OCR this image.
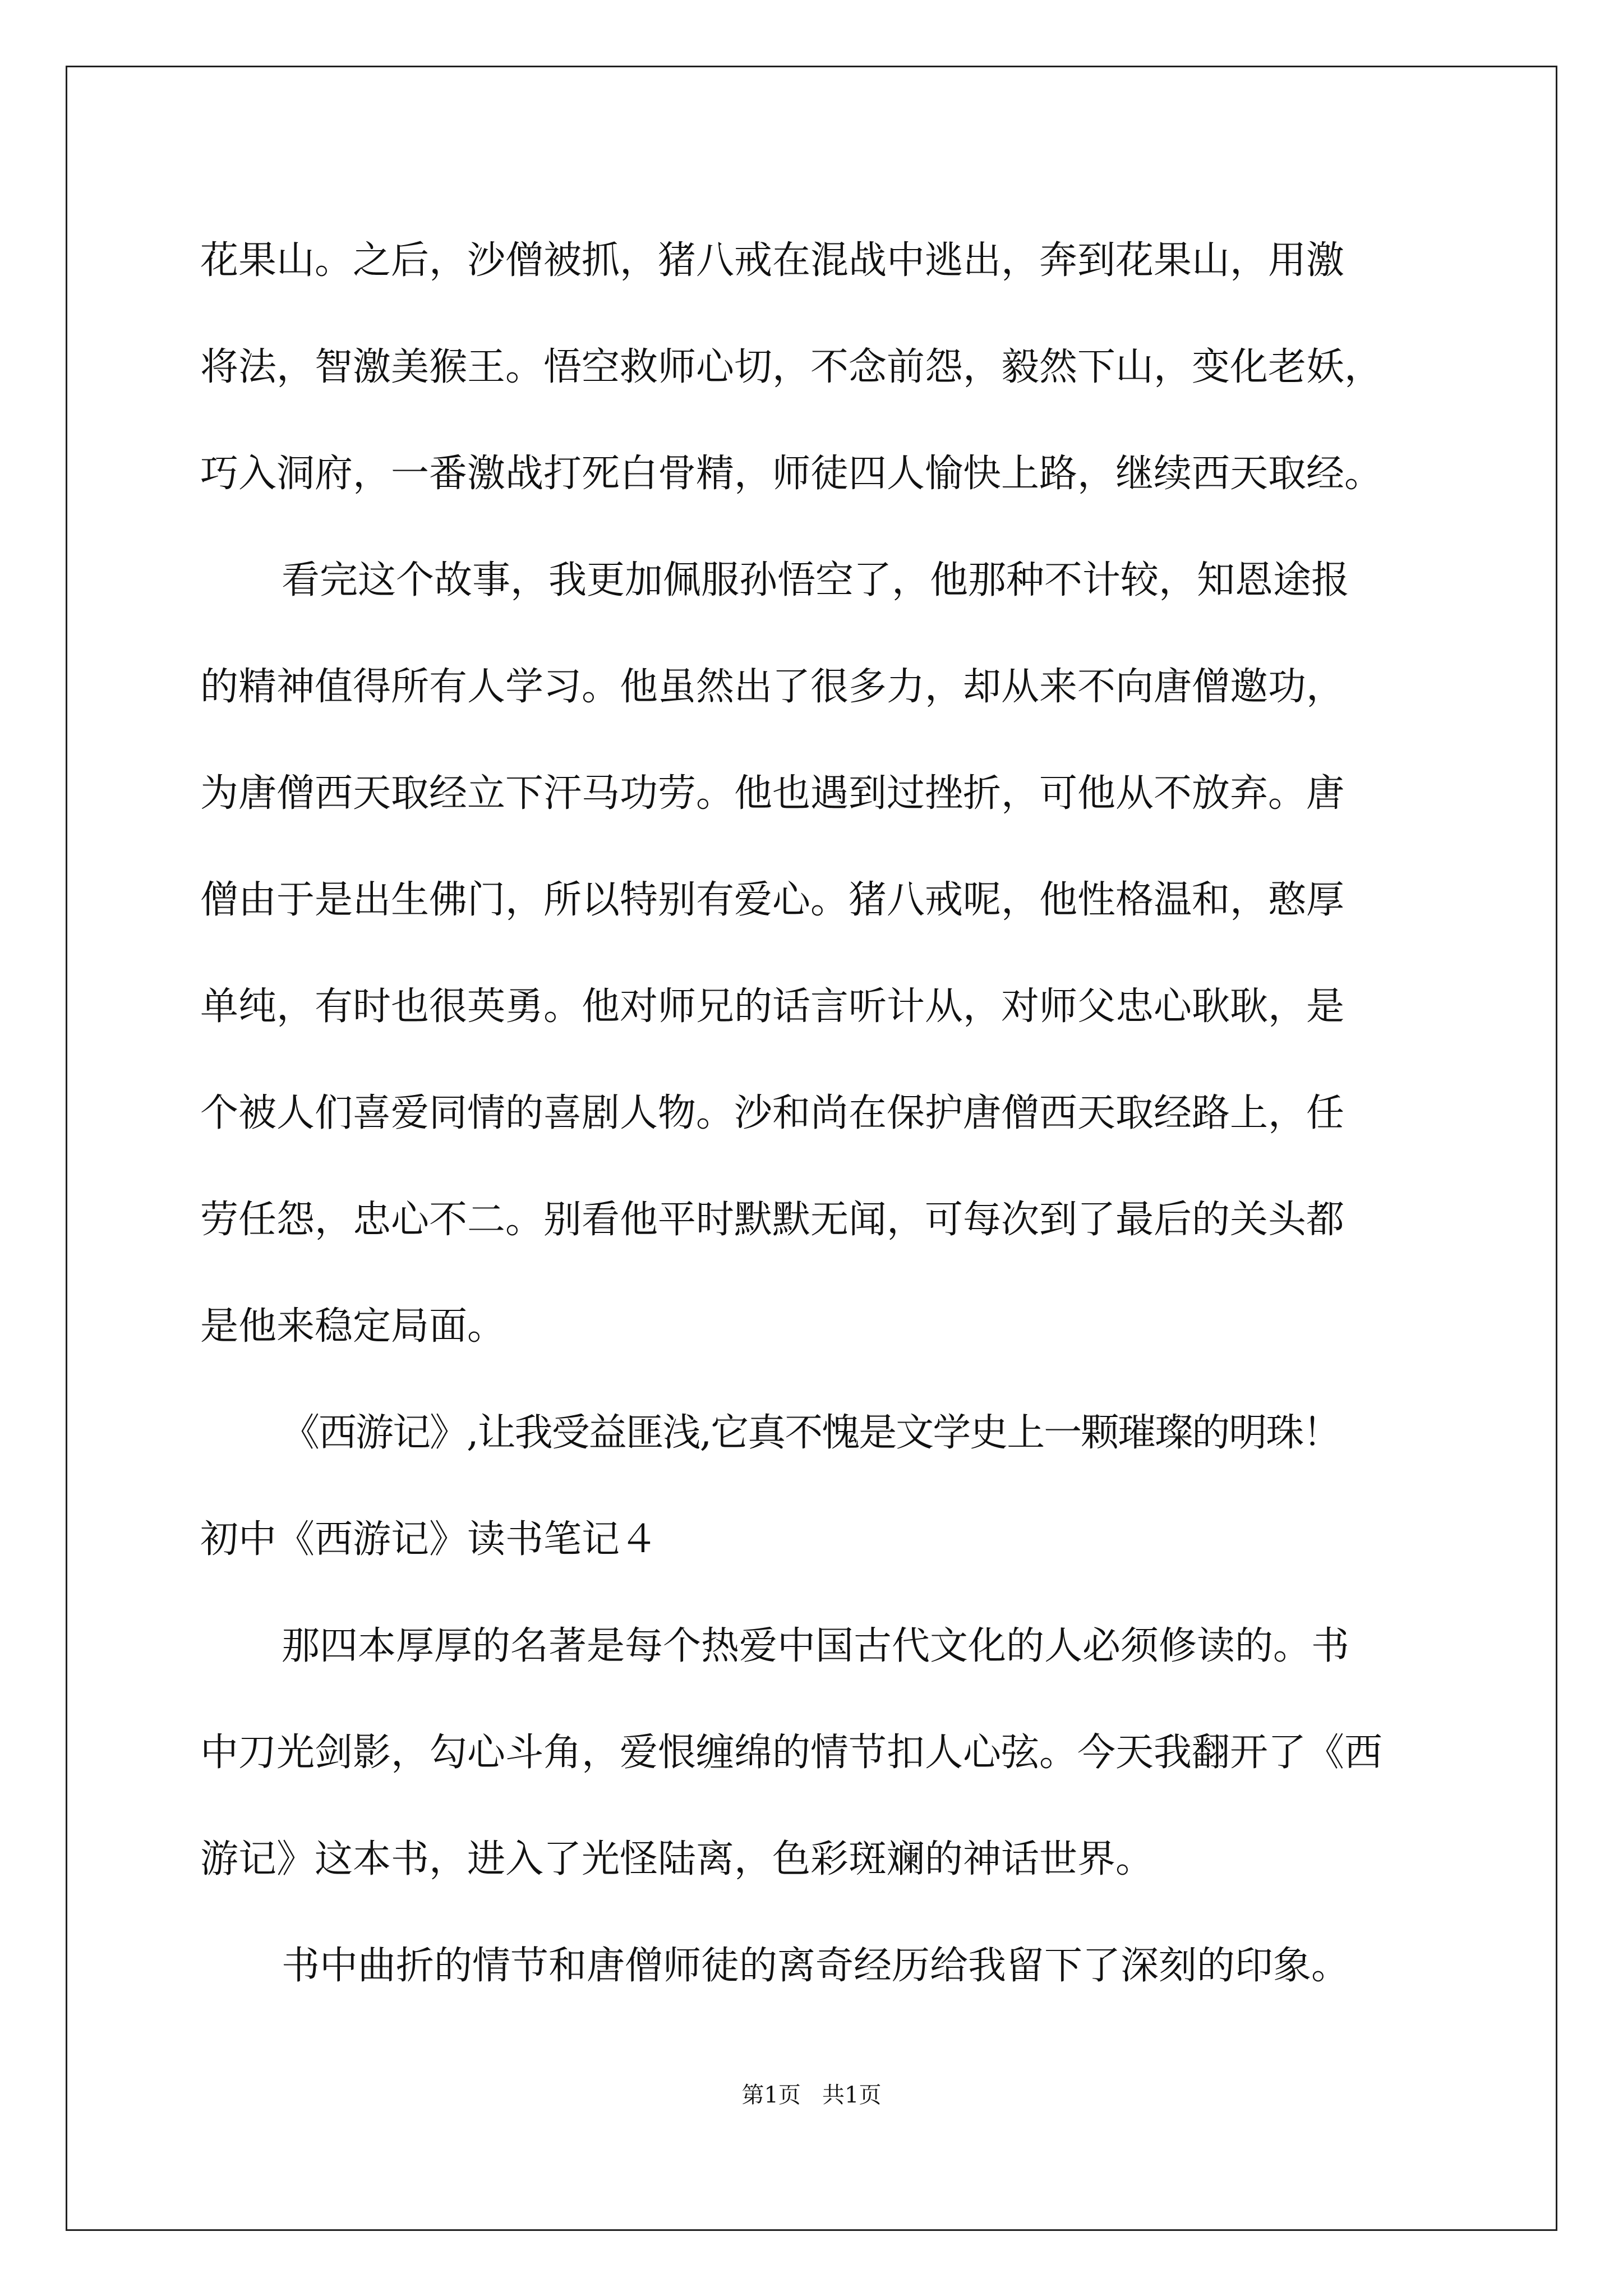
花果山。之后，沙僧被抓，猪八戒在混战中逃出，奔到花果山，用激
将法，智激美猴王。悟空救师心切，不念前怨，毅然下山，变化老妖，
巧入洞府，一番激战打死白骨精，师徒四人愉快上路，继续西天取经。
看完这个故事，我更加佩服孙悟空了，他那种不计较，知恩途报
的精神值得所有人学习。他虽然出了很多力，却从来不向唐僧邀功，
为唐僧西天取经立下汗马功劳。他也遇到过挫折，可他从不放弃。唐
僧由于是出生佛门，所以特别有爱心。猪八戒呢，他性格温和，憨厚
单纯，有时也很英勇。他对师兄的话言听计从，对师父忠心耿耿，是
个被人们喜爱同情的喜剧人物。沙和尚在保护唐僧西天取经路上，任
劳任怨，忠心不二。别看他平时默默无闻，可每次到了最后的关头都
是他来稳定局面。
《西游记》,让我受益匪浅,它真不愧是文学史上一颗璀璨的明珠！
初中《西游记》读书笔记４
那四本厚厚的名著是每个热爱中国古代文化的人必须修读的。书
中刀光剑影，勾心斗角，爱恨缠绵的情节扣人心弦。今天我翻开了《西
游记》这本书，进入了光怪陆离，色彩斑斓的神话世界。
书中曲折的情节和唐僧师徒的离奇经历给我留下了深刻的印象。
第1页   共1页
